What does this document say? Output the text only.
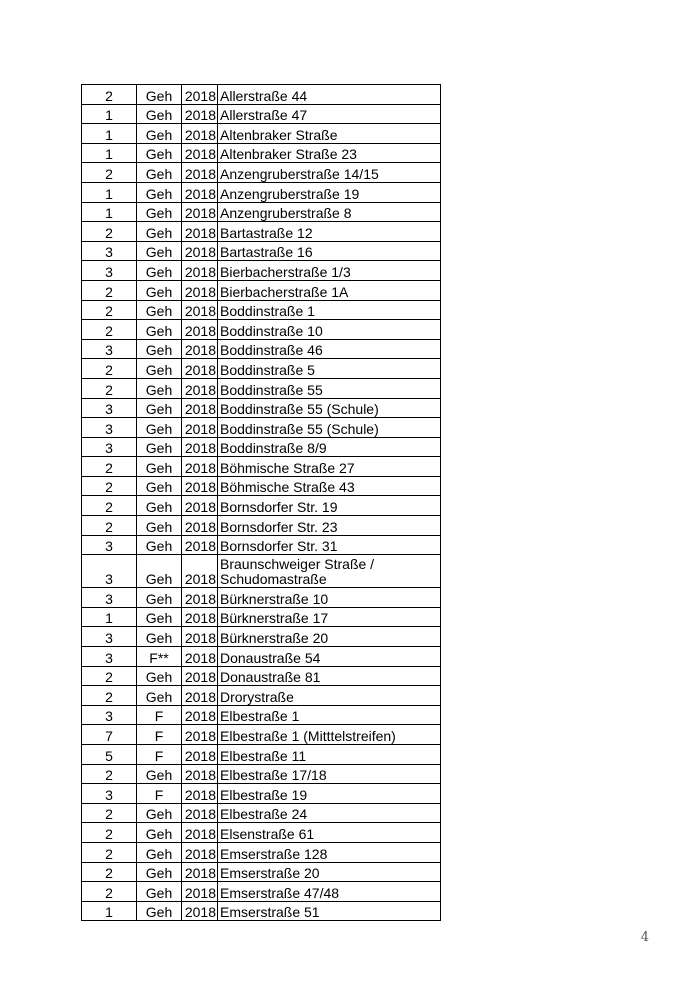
2	Geh	2018	Allerstraße 44
1	Geh	2018	Allerstraße 47
1	Geh	2018	Altenbraker Straße
1	Geh	2018	Altenbraker Straße 23
2	Geh	2018	Anzengruberstraße 14/15
1	Geh	2018	Anzengruberstraße 19
1	Geh	2018	Anzengruberstraße 8
2	Geh	2018	Bartastraße 12
3	Geh	2018	Bartastraße 16
3	Geh	2018	Bierbacherstraße 1/3
2	Geh	2018	Bierbacherstraße 1A
2	Geh	2018	Boddinstraße 1
2	Geh	2018	Boddinstraße 10
3	Geh	2018	Boddinstraße 46
2	Geh	2018	Boddinstraße 5
2	Geh	2018	Boddinstraße 55
3	Geh	2018	Boddinstraße 55 (Schule)
3	Geh	2018	Boddinstraße 55 (Schule)
3	Geh	2018	Boddinstraße 8/9
2	Geh	2018	Böhmische Straße 27
2	Geh	2018	Böhmische Straße 43
2	Geh	2018	Bornsdorfer Str. 19
2	Geh	2018	Bornsdorfer Str. 23
3	Geh	2018	Bornsdorfer Str. 31
3	Geh	2018	Braunschweiger Straße / Schudomastraße
3	Geh	2018	Bürknerstraße 10
1	Geh	2018	Bürknerstraße 17
3	Geh	2018	Bürknerstraße 20
3	F**	2018	Donaustraße 54
2	Geh	2018	Donaustraße 81
2	Geh	2018	Drorystraße
3	F	2018	Elbestraße 1
7	F	2018	Elbestraße 1 (Mitttelstreifen)
5	F	2018	Elbestraße 11
2	Geh	2018	Elbestraße 17/18
3	F	2018	Elbestraße 19
2	Geh	2018	Elbestraße 24
2	Geh	2018	Elsenstraße 61
2	Geh	2018	Emserstraße 128
2	Geh	2018	Emserstraße 20
2	Geh	2018	Emserstraße 47/48
1	Geh	2018	Emserstraße 51
4
